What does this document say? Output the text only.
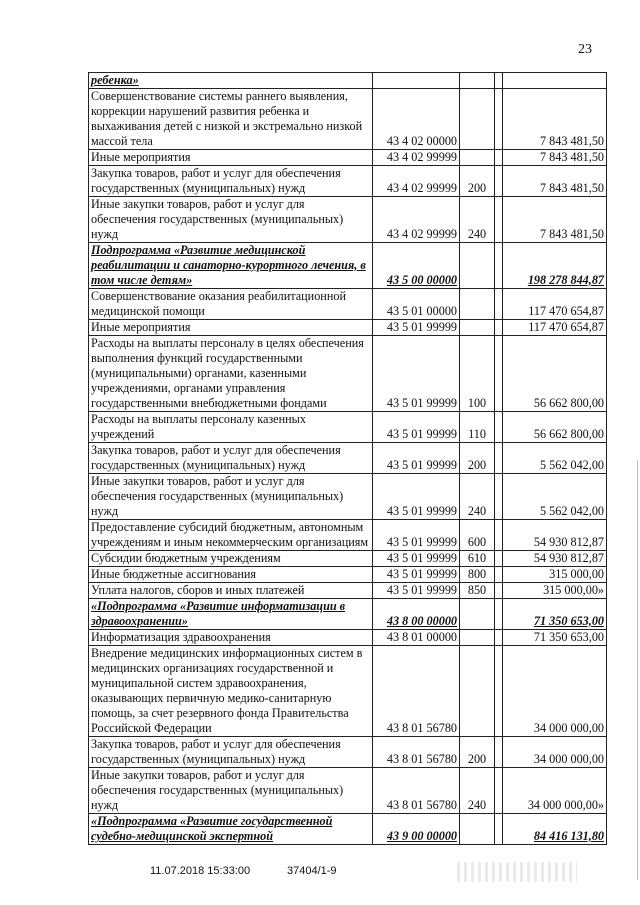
23
ребенка»				
Совершенствование системы раннего выявления, коррекции нарушений развития ребенка и выхаживания детей с низкой и экстремально низкой массой тела	43 4 02 00000			7 843 481,50
Иные мероприятия	43 4 02 99999			7 843 481,50
Закупка товаров, работ и услуг для обеспечения государственных (муниципальных) нужд	43 4 02 99999	200		7 843 481,50
Иные закупки товаров, работ и услуг для обеспечения государственных (муниципальных) нужд	43 4 02 99999	240		7 843 481,50
Подпрограмма «Развитие медицинской реабилитации и санаторно-курортного лечения, в том числе детям»	43 5 00 00000			198 278 844,87
Совершенствование оказания реабилитационной медицинской помощи	43 5 01 00000			117 470 654,87
Иные мероприятия	43 5 01 99999			117 470 654,87
Расходы на выплаты персоналу в целях обеспечения выполнения функций государственными (муниципальными) органами, казенными учреждениями, органами управления государственными внебюджетными фондами	43 5 01 99999	100		56 662 800,00
Расходы на выплаты персоналу казенных учреждений	43 5 01 99999	110		56 662 800,00
Закупка товаров, работ и услуг для обеспечения государственных (муниципальных) нужд	43 5 01 99999	200		5 562 042,00
Иные закупки товаров, работ и услуг для обеспечения государственных (муниципальных) нужд	43 5 01 99999	240		5 562 042,00
Предоставление субсидий бюджетным, автономным учреждениям и иным некоммерческим организациям	43 5 01 99999	600		54 930 812,87
Субсидии бюджетным учреждениям	43 5 01 99999	610		54 930 812,87
Иные бюджетные ассигнования	43 5 01 99999	800		315 000,00
Уплата налогов, сборов и иных платежей	43 5 01 99999	850		315 000,00»
«Подпрограмма «Развитие информатизации в здравоохранении»	43 8 00 00000			71 350 653,00
Информатизация здравоохранения	43 8 01 00000			71 350 653,00
Внедрение медицинских информационных систем в медицинских организациях государственной и муниципальной систем здравоохранения, оказывающих первичную медико-санитарную помощь, за счет резервного фонда Правительства Российской Федерации	43 8 01 56780			34 000 000,00
Закупка товаров, работ и услуг для обеспечения государственных (муниципальных) нужд	43 8 01 56780	200		34 000 000,00
Иные закупки товаров, работ и услуг для обеспечения государственных (муниципальных) нужд	43 8 01 56780	240		34 000 000,00»
«Подпрограмма «Развитие государственной судебно-медицинской экспертной	43 9 00 00000			84 416 131,80
11.07.2018 15:33:00	37404/1-9
